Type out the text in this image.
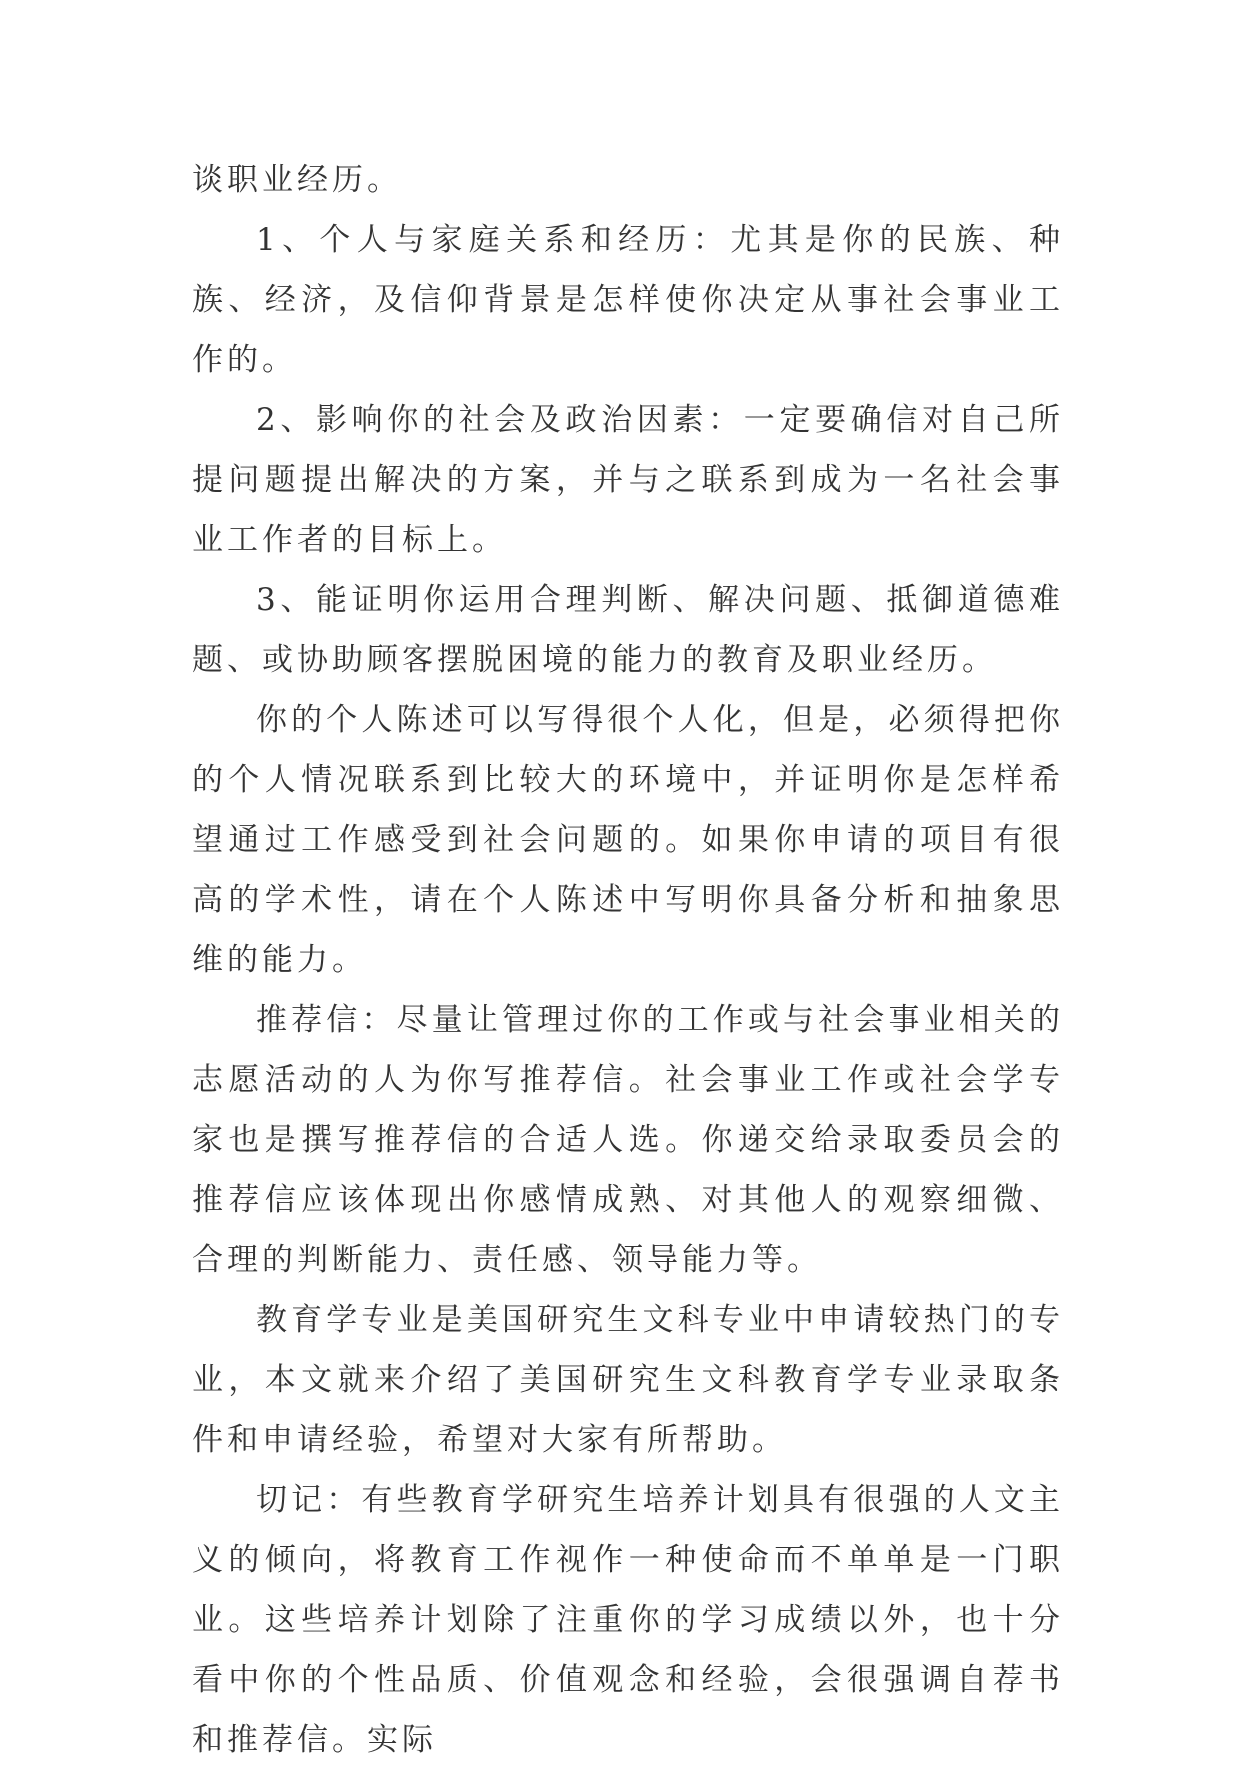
谈职业经历。

1、个人与家庭关系和经历：尤其是你的民族、种族、经济，及信仰背景是怎样使你决定从事社会事业工作的。

2、影响你的社会及政治因素：一定要确信对自己所提问题提出解决的方案，并与之联系到成为一名社会事业工作者的目标上。

3、能证明你运用合理判断、解决问题、抵御道德难题、或协助顾客摆脱困境的能力的教育及职业经历。

你的个人陈述可以写得很个人化，但是，必须得把你的个人情况联系到比较大的环境中，并证明你是怎样希望通过工作感受到社会问题的。如果你申请的项目有很高的学术性，请在个人陈述中写明你具备分析和抽象思维的能力。

推荐信：尽量让管理过你的工作或与社会事业相关的志愿活动的人为你写推荐信。社会事业工作或社会学专家也是撰写推荐信的合适人选。你递交给录取委员会的推荐信应该体现出你感情成熟、对其他人的观察细微、合理的判断能力、责任感、领导能力等。

教育学专业是美国研究生文科专业中申请较热门的专业，本文就来介绍了美国研究生文科教育学专业录取条件和申请经验，希望对大家有所帮助。

切记：有些教育学研究生培养计划具有很强的人文主义的倾向，将教育工作视作一种使命而不单单是一门职业。这些培养计划除了注重你的学习成绩以外，也十分看中你的个性品质、价值观念和经验，会很强调自荐书和推荐信。实际
